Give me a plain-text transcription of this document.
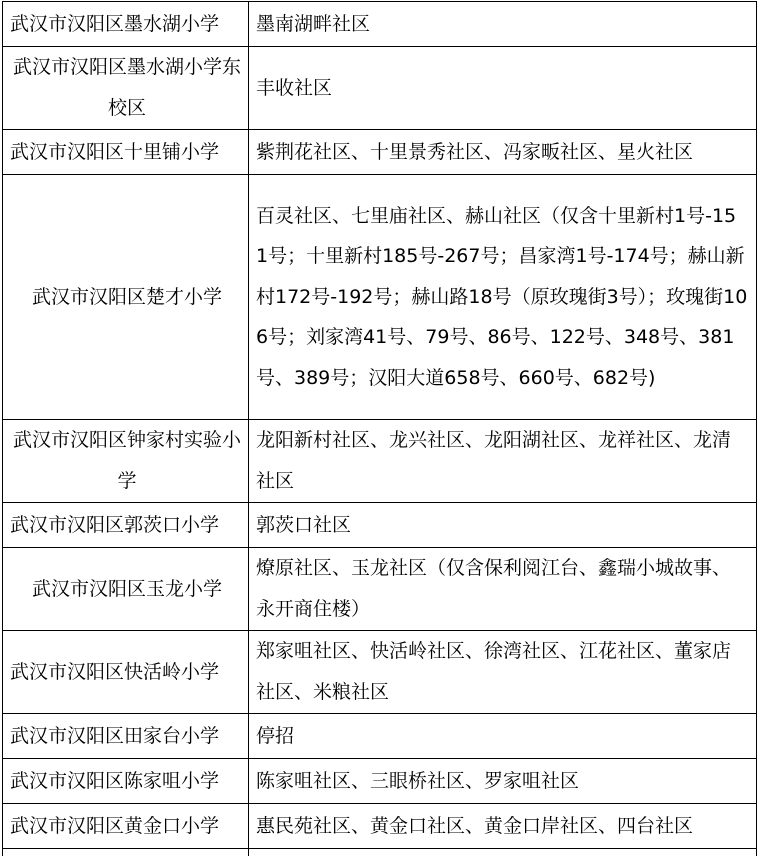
武汉市汉阳区墨水湖小学	墨南湖畔社区
武汉市汉阳区墨水湖小学东校区	丰收社区
武汉市汉阳区十里铺小学	紫荆花社区、十里景秀社区、冯家畈社区、星火社区
武汉市汉阳区楚才小学	百灵社区、七里庙社区、赫山社区（仅含十里新村1号-151号；十里新村185号-267号；昌家湾1号-174号；赫山新村172号-192号；赫山路18号（原玫瑰街3号）；玫瑰街106号；刘家湾41号、79号、86号、122号、348号、381号、389号；汉阳大道658号、660号、682号)
武汉市汉阳区钟家村实验小学	龙阳新村社区、龙兴社区、龙阳湖社区、龙祥社区、龙清社区
武汉市汉阳区郭茨口小学	郭茨口社区
武汉市汉阳区玉龙小学	燎原社区、玉龙社区（仅含保利阅江台、鑫瑞小城故事、永开商住楼）
武汉市汉阳区快活岭小学	郑家咀社区、快活岭社区、徐湾社区、江花社区、董家店社区、米粮社区
武汉市汉阳区田家台小学	停招
武汉市汉阳区陈家咀小学	陈家咀社区、三眼桥社区、罗家咀社区
武汉市汉阳区黄金口小学	惠民苑社区、黄金口社区、黄金口岸社区、四台社区
